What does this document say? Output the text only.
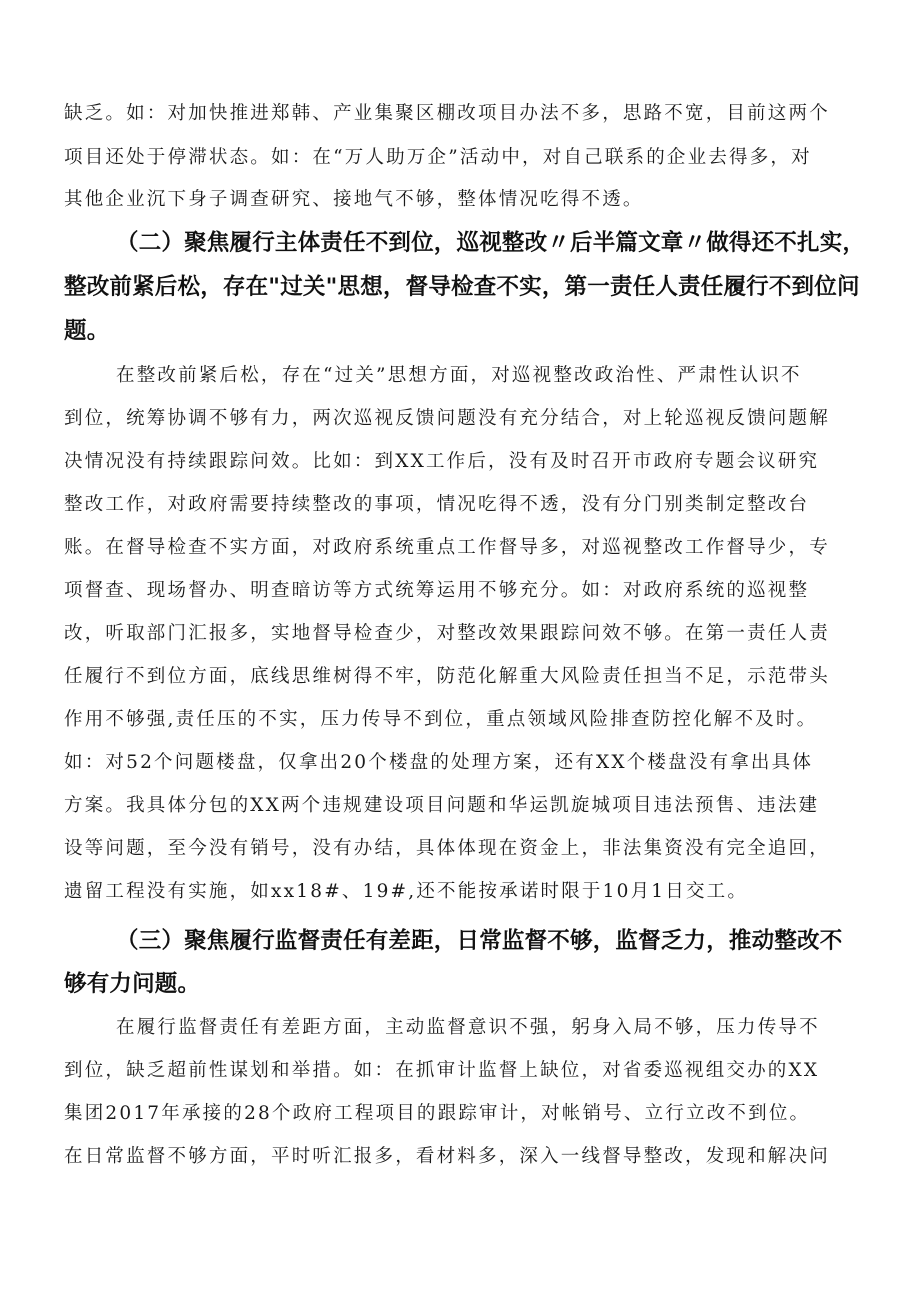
缺乏。如：对加快推进郑韩、产业集聚区棚改项目办法不多，思路不宽，目前这两个

项目还处于停滞状态。如：在“万人助万企”活动中，对自己联系的企业去得多，对

其他企业沉下身子调查研究、接地气不够，整体情况吃得不透。

（二）聚焦履行主体责任不到位，巡视整改〃后半篇文章〃做得还不扎实，

整改前紧后松，存在"过关"思想，督导检查不实，第一责任人责任履行不到位问

题。

在整改前紧后松，存在“过关”思想方面，对巡视整改政治性、严肃性认识不

到位，统筹协调不够有力，两次巡视反馈问题没有充分结合，对上轮巡视反馈问题解

决情况没有持续跟踪问效。比如：到XX工作后，没有及时召开市政府专题会议研究

整改工作，对政府需要持续整改的事项，情况吃得不透，没有分门别类制定整改台

账。在督导检查不实方面，对政府系统重点工作督导多，对巡视整改工作督导少，专

项督查、现场督办、明查暗访等方式统筹运用不够充分。如：对政府系统的巡视整

改，听取部门汇报多，实地督导检查少，对整改效果跟踪问效不够。在第一责任人责

任履行不到位方面，底线思维树得不牢，防范化解重大风险责任担当不足，示范带头

作用不够强,责任压的不实，压力传导不到位，重点领域风险排查防控化解不及时。

如：对52个问题楼盘，仅拿出20个楼盘的处理方案，还有XX个楼盘没有拿出具体

方案。我具体分包的XX两个违规建设项目问题和华运凯旋城项目违法预售、违法建

设等问题，至今没有销号，没有办结，具体体现在资金上，非法集资没有完全追回，

遗留工程没有实施，如xx18#、19#,还不能按承诺时限于10月1日交工。

（三）聚焦履行监督责任有差距，日常监督不够，监督乏力，推动整改不

够有力问题。

在履行监督责任有差距方面，主动监督意识不强，躬身入局不够，压力传导不

到位，缺乏超前性谋划和举措。如：在抓审计监督上缺位，对省委巡视组交办的XX

集团2017年承接的28个政府工程项目的跟踪审计，对帐销号、立行立改不到位。

在日常监督不够方面，平时听汇报多，看材料多，深入一线督导整改，发现和解决问
